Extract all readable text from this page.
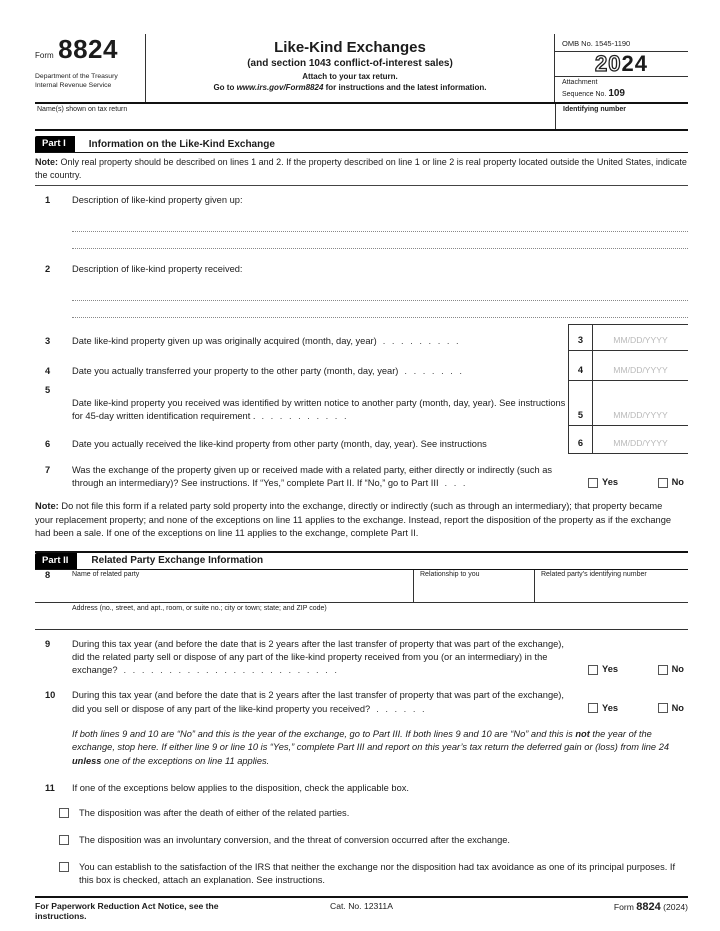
Form 8824
Department of the Treasury
Internal Revenue Service
Like-Kind Exchanges
(and section 1043 conflict-of-interest sales)
Attach to your tax return.
Go to www.irs.gov/Form8824 for instructions and the latest information.
OMB No. 1545-1190
2024
Attachment
Sequence No. 109
Name(s) shown on tax return	Identifying number
Part I	Information on the Like-Kind Exchange
Note: Only real property should be described on lines 1 and 2. If the property described on line 1 or line 2 is real property located outside the United States, indicate the country.
1	Description of like-kind property given up:
2	Description of like-kind property received:
3	Date like-kind property given up was originally acquired (month, day, year) . . . . . . . . .	3	MM/DD/YYYY
4	Date you actually transferred your property to the other party (month, day, year) . . . . . . .	4	MM/DD/YYYY
5
Date like-kind property you received was identified by written notice to another party (month, day, year). See instructions for 45-day written identification requirement . . . . . . . . . . .	5	MM/DD/YYYY
6	Date you actually received the like-kind property from other party (month, day, year). See instructions	6	MM/DD/YYYY
7	Was the exchange of the property given up or received made with a related party, either directly or indirectly (such as through an intermediary)? See instructions. If “Yes,” complete Part II. If “No,” go to Part III . . .	Yes	No
Note: Do not file this form if a related party sold property into the exchange, directly or indirectly (such as through an intermediary); that property became your replacement property; and none of the exceptions on line 11 applies to the exchange. Instead, report the disposition of the property as if the exchange had been a sale. If one of the exceptions on line 11 applies to the exchange, complete Part II.
Part II	Related Party Exchange Information
8	Name of related party	Relationship to you	Related party’s identifying number
Address (no., street, and apt., room, or suite no.; city or town; state; and ZIP code)
9	During this tax year (and before the date that is 2 years after the last transfer of property that was part of the exchange), did the related party sell or dispose of any part of the like-kind property received from you (or an intermediary) in the exchange? . . . . . . . . . . . . . . . . . . . . . . . .	Yes	No
10	During this tax year (and before the date that is 2 years after the last transfer of property that was part of the exchange), did you sell or dispose of any part of the like-kind property you received? . . . . . .	Yes	No
If both lines 9 and 10 are “No” and this is the year of the exchange, go to Part III. If both lines 9 and 10 are “No” and this is not the year of the exchange, stop here. If either line 9 or line 10 is “Yes,” complete Part III and report on this year’s tax return the deferred gain or (loss) from line 24 unless one of the exceptions on line 11 applies.
11	If one of the exceptions below applies to the disposition, check the applicable box.
The disposition was after the death of either of the related parties.
The disposition was an involuntary conversion, and the threat of conversion occurred after the exchange.
You can establish to the satisfaction of the IRS that neither the exchange nor the disposition had tax avoidance as one of its principal purposes. If this box is checked, attach an explanation. See instructions.
For Paperwork Reduction Act Notice, see the instructions.
Cat. No. 12311A	Form 8824 (2024)
